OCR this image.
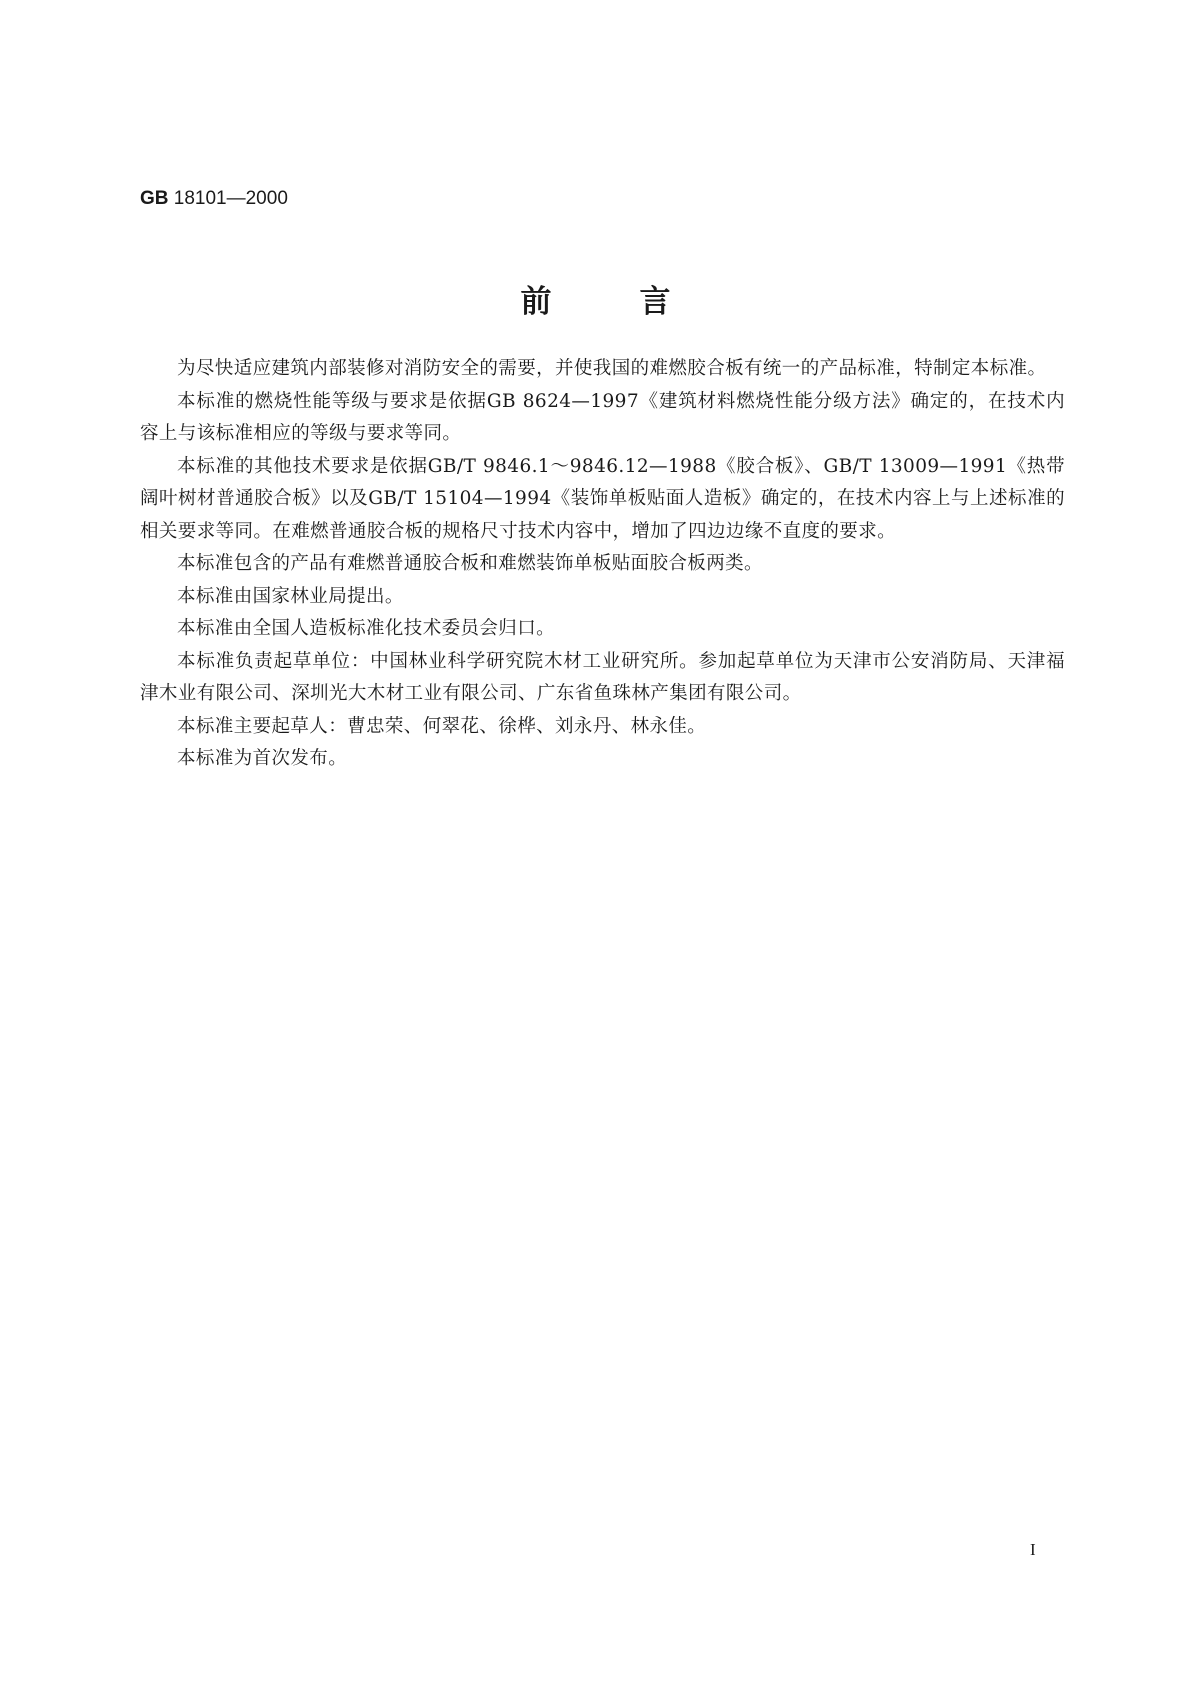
GB 18101—2000
前言

为尽快适应建筑内部装修对消防安全的需要，并使我国的难燃胶合板有统一的产品标准，特制定本标准。

本标准的燃烧性能等级与要求是依据GB 8624—1997《建筑材料燃烧性能分级方法》确定的，在技术内容上与该标准相应的等级与要求等同。

本标准的其他技术要求是依据GB/T 9846.1～9846.12—1988《胶合板》、GB/T 13009—1991《热带阔叶树材普通胶合板》以及GB/T 15104—1994《装饰单板贴面人造板》确定的，在技术内容上与上述标准的相关要求等同。在难燃普通胶合板的规格尺寸技术内容中，增加了四边边缘不直度的要求。

本标准包含的产品有难燃普通胶合板和难燃装饰单板贴面胶合板两类。

本标准由国家林业局提出。

本标准由全国人造板标准化技术委员会归口。

本标准负责起草单位：中国林业科学研究院木材工业研究所。参加起草单位为天津市公安消防局、天津福津木业有限公司、深圳光大木材工业有限公司、广东省鱼珠林产集团有限公司。

本标准主要起草人：曹忠荣、何翠花、徐桦、刘永丹、林永佳。

本标准为首次发布。

I
